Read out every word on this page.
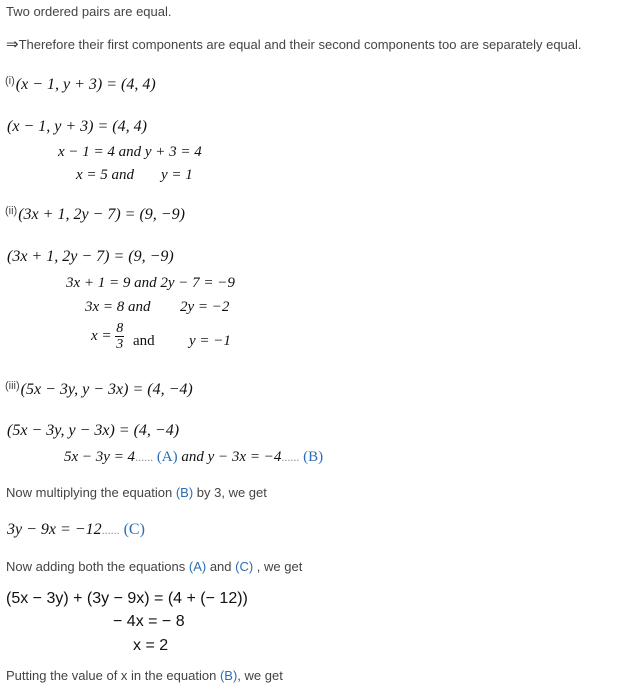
Two ordered pairs are equal.
⇒Therefore their first components are equal and their second components too are separately equal.
$^{(i)}$(x − 1, y + 3) = (4, 4)
(x − 1, y + 3) = (4, 4)
x − 1 = 4 and y + 3 = 4
x = 5 and y = 1
$^{(ii)}$(3x + 1, 2y − 7) = (9, −9)
(3x + 1, 2y − 7) = (9, −9)
3x + 1 = 9 and 2y − 7 = −9
3x = 8 and 2y = −2
$x = \frac{8}{3}$ and y = −1
$^{(iii)}$(5x − 3y, y − 3x) = (4, −4)
(5x − 3y, y − 3x) = (4, −4)
5x − 3y = 4...... (A) and y − 3x = −4...... (B)
Now multiplying the equation (B) by 3, we get
3y − 9x = −12...... (C)
Now adding both the equations (A) and (C) , we get
(5x − 3y) + (3y − 9x) = (4 + (− 12))
− 4x = − 8
x = 2
Putting the value of x in the equation (B), we get
